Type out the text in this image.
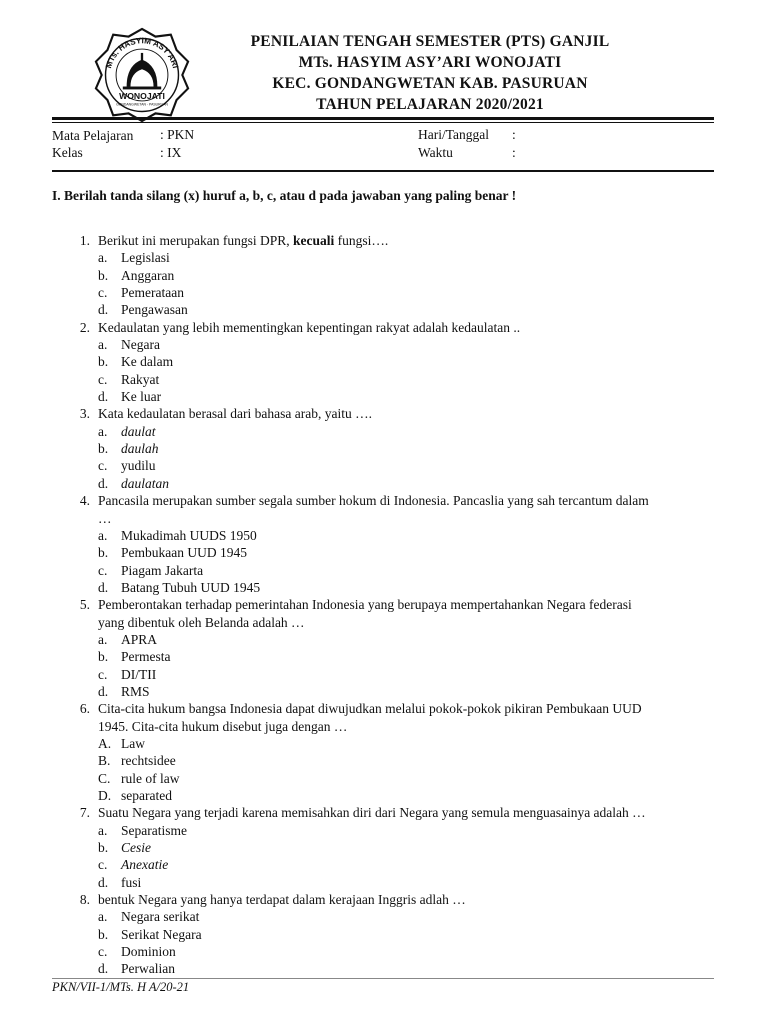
MTs. HASYIM ASY'ARI
WONOJATI
GONDANGWETAN - PASURUAN
PENILAIAN TENGAH SEMESTER (PTS) GANJIL
MTs. HASYIM ASY’ARI WONOJATI
KEC. GONDANGWETAN KAB. PASURUAN
TAHUN PELAJARAN 2020/2021
Mata Pelajaran : PKN
Kelas	: IX
Hari/Tanggal :
Waktu	:
I. Berilah tanda silang (x) huruf a, b, c, atau d pada jawaban yang paling benar !
1. Berikut ini merupakan fungsi DPR, kecuali fungsi….
a. Legislasi
b. Anggaran
c. Pemerataan
d. Pengawasan
2. Kedaulatan yang lebih mementingkan kepentingan rakyat adalah kedaulatan ..
a. Negara
b. Ke dalam
c. Rakyat
d. Ke luar
3. Kata kedaulatan berasal dari bahasa arab, yaitu ….
a. daulat
b. daulah
c. yudilu
d. daulatan
4. Pancasila merupakan sumber segala sumber hokum di Indonesia. Pancaslia yang sah tercantum dalam
…
a. Mukadimah UUDS 1950
b. Pembukaan UUD 1945
c. Piagam Jakarta
d. Batang Tubuh UUD 1945
5. Pemberontakan terhadap pemerintahan Indonesia yang berupaya mempertahankan Negara federasi
yang dibentuk oleh Belanda adalah …
a. APRA
b. Permesta
c. DI/TII
d. RMS
6. Cita-cita hukum bangsa Indonesia dapat diwujudkan melalui pokok-pokok pikiran Pembukaan UUD
1945. Cita-cita hukum disebut juga dengan …
A. Law
B. rechtsidee
C. rule of law
D. separated
7. Suatu Negara yang terjadi karena memisahkan diri dari Negara yang semula menguasainya adalah …
a. Separatisme
b. Cesie
c. Anexatie
d. fusi
8. bentuk Negara yang hanya terdapat dalam kerajaan Inggris adlah …
a. Negara serikat
b. Serikat Negara
c. Dominion
d. Perwalian
PKN/VII-1/MTs. H A/20-21
